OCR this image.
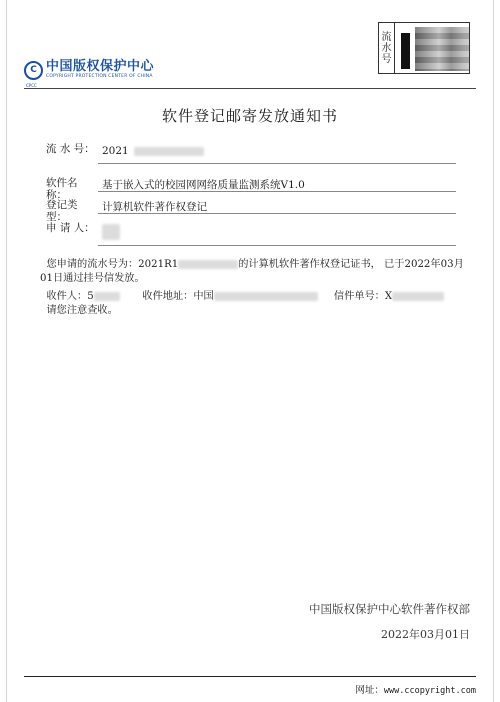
C
CPCC
中国版权保护中心
COPYRIGHT PROTECTION CENTER OF CHINA
流
水
号
软件登记邮寄发放通知书
流 水 号： 2021
软件名称：
基于嵌入式的校园网网络质量监测系统V1.0
登记类型：
计算机软件著作权登记
申 请 人：
您申请的流水号为：2021R1	的计算机软件著作权登记证书， 已于2022年03月01日通过挂号信发放。
收件人：5	收件地址：中国	信件单号：X
请您注意查收。
中国版权保护中心软件著作权部
2022年03月01日
网址：www.ccopyright.com
